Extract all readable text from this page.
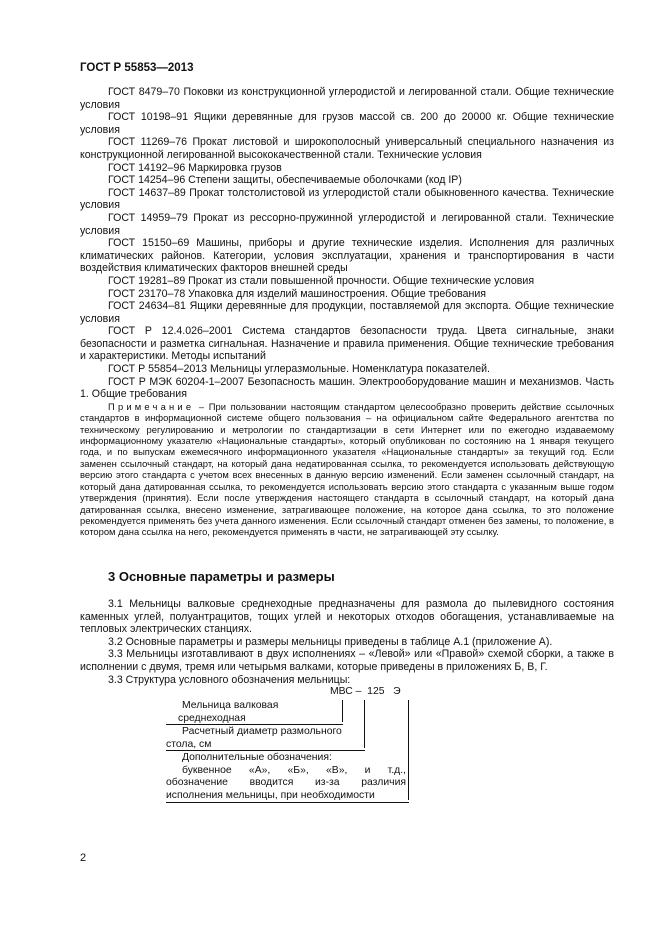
ГОСТ Р 55853—2013

ГОСТ 8479–70 Поковки из конструкционной углеродистой и легированной стали. Общие технические условия

ГОСТ 10198–91 Ящики деревянные для грузов массой св. 200 до 20000 кг. Общие технические условия

ГОСТ 11269–76 Прокат листовой и широкополосный универсальный специального назначения из конструкционной легированной высококачественной стали. Технические условия

ГОСТ 14192–96 Маркировка грузов

ГОСТ 14254–96 Степени защиты, обеспечиваемые оболочками (код IP)

ГОСТ 14637–89 Прокат толстолистовой из углеродистой стали обыкновенного качества. Технические условия

ГОСТ 14959–79 Прокат из рессорно-пружинной углеродистой и легированной стали. Технические условия

ГОСТ 15150–69 Машины, приборы и другие технические изделия. Исполнения для различных климатических районов. Категории, условия эксплуатации, хранения и транспортирования в части воздействия климатических факторов внешней среды

ГОСТ 19281–89 Прокат из стали повышенной прочности. Общие технические условия

ГОСТ 23170–78 Упаковка для изделий машиностроения. Общие требования

ГОСТ 24634–81 Ящики деревянные для продукции, поставляемой для экспорта. Общие технические условия

ГОСТ Р 12.4.026–2001 Система стандартов безопасности труда. Цвета сигнальные, знаки безопасности и разметка сигнальная. Назначение и правила применения. Общие технические требования и характеристики. Методы испытаний

ГОСТ Р 55854–2013 Мельницы углеразмольные. Номенклатура показателей.

ГОСТ Р МЭК 60204-1–2007 Безопасность машин. Электрооборудование машин и механизмов. Часть 1. Общие требования

Примечание – При пользовании настоящим стандартом целесообразно проверить действие ссылочных стандартов в информационной системе общего пользования – на официальном сайте Федерального агентства по техническому регулированию и метрологии по стандартизации в сети Интернет или по ежегодно издаваемому информационному указателю «Национальные стандарты», который опубликован по состоянию на 1 января текущего года, и по выпускам ежемесячного информационного указателя «Национальные стандарты» за текущий год. Если заменен ссылочный стандарт, на который дана недатированная ссылка, то рекомендуется использовать действующую версию этого стандарта с учетом всех внесенных в данную версию изменений. Если заменен ссылочный стандарт, на который дана датированная ссылка, то рекомендуется использовать версию этого стандарта с указанным выше годом утверждения (принятия). Если после утверждения настоящего стандарта в ссылочный стандарт, на который дана датированная ссылка, внесено изменение, затрагивающее положение, на которое дана ссылка, то это положение рекомендуется применять без учета данного изменения. Если ссылочный стандарт отменен без замены, то положение, в котором дана ссылка на него, рекомендуется применять в части, не затрагивающей эту ссылку.

3 Основные параметры и размеры

3.1 Мельницы валковые среднеходные предназначены для размола до пылевидного состояния каменных углей, полуантрацитов, тощих углей и некоторых отходов обогащения, устанавливаемые на тепловых электрических станциях.

3.2 Основные параметры и размеры мельницы приведены в таблице А.1 (приложение А).

3.3 Мельницы изготавливают в двух исполнениях – «Левой» или «Правой» схемой сборки, а также в исполнении с двумя, тремя или четырьмя валками, которые приведены в приложениях Б, В, Г.

3.3 Структура условного обозначения мельницы:

МВС –  125   Э
Мельница валковая
среднеходная
Расчетный диаметр размольного
стола, см
Дополнительные обозначения:
буквенное «А», «Б», «В», и т.д.,
обозначение вводится из-за различия
исполнения мельницы, при необходимости
2
